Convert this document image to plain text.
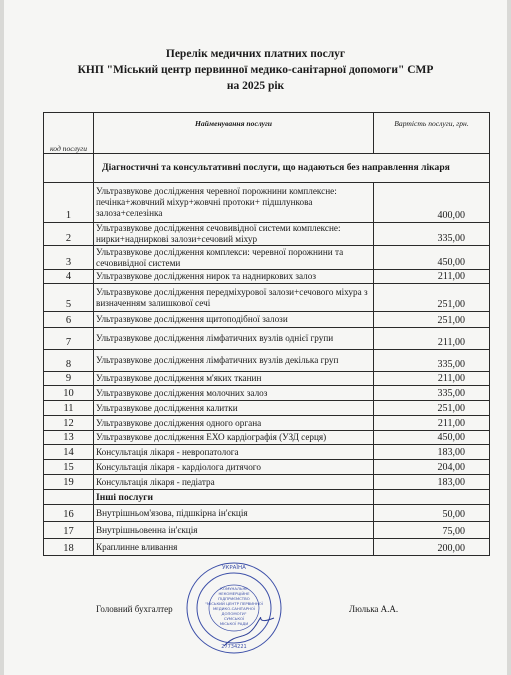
Перелік медичних платних послуг
КНП "Міський центр первинної медико-санітарної допомоги" СМР
на 2025 рік
код послуги	Найменування послуги	Вартість послуги, грн.
	Діагностичні та консультативні послуги, що надаються без направлення лікаря	
1	Ультразвукове дослідження черевної порожнини комплексне: печінка+жовчний міхур+жовчні протоки+ підшлункова залоза+селезінка	400,00
2	Ультразвукове дослідження сечовивідної системи комплексне: нирки+надниркові залози+сечовий міхур	335,00
3	Ультразвукове дослідження комплекси: черевної порожнини та сечовивідної системи	450,00
4	Ультразвукове дослідження нирок та надниркових залоз	211,00
5	Ультразвукове дослідження передміхурової залози+сечового міхура з визначенням залишкової сечі	251,00
6	Ультразвукове дослідження щитоподібної залози	251,00
7	Ультразвукове дослідження лімфатичних вузлів однієї групи	211,00
8	Ультразвукове дослідження лімфатичних вузлів декількa груп	335,00
9	Ультразвукове дослідження м'яких тканин	211,00
10	Ультразвукове дослідження молочних залоз	335,00
11	Ультразвукове дослідження калитки	251,00
12	Ультразвукове дослідження одного органа	211,00
13	Ультразвукове дослідження ЕХО кардіографія (УЗД серця)	450,00
14	Консультація лікаря - невропатолога	183,00
15	Консультація лікаря - кардіолога дитячого	204,00
19	Консультація лікаря - педіатра	183,00
	Інші послуги	
16	Внутрішньом'язова, підшкірна ін'єкція	50,00
17	Внутрішньовенна ін'єкція	75,00
18	Краплинне вливання	200,00
Головний бухгалтер	Люлька А.А.
УКРАЇНА
КОМУНАЛЬНЕ
НЕКОМЕРЦІЙНЕ
ПІДПРИЄМСТВО
"МІСЬКИЙ ЦЕНТР ПЕРВИННОЇ
МЕДИКО-САНІТАРНОЇ
ДОПОМОГИ"
СУМСЬКОЇ
МІСЬКОЇ РАДИ
27734221
